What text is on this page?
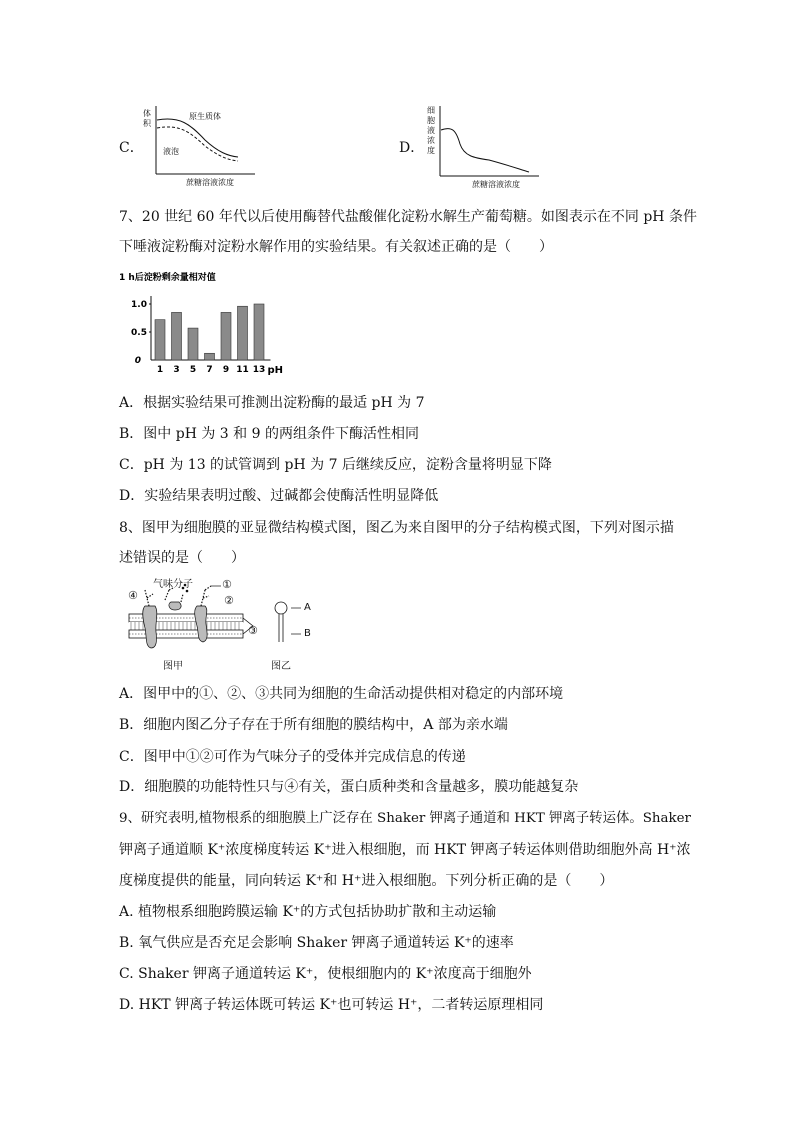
C．
体积
原生质体
液泡
蔗糖溶液浓度
D．
细胞液浓度
蔗糖溶液浓度
7、20 世纪 60 年代以后使用酶替代盐酸催化淀粉水解生产葡萄糖。如图表示在不同 pH 条件
下唾液淀粉酶对淀粉水解作用的实验结果。有关叙述正确的是（　　）
1 h后淀粉剩余量相对值
0
0.5
1.0
1 3 5 7 9 11 13 pH
A．根据实验结果可推测出淀粉酶的最适 pH 为 7
B．图中 pH 为 3 和 9 的两组条件下酶活性相同
C．pH 为 13 的试管调到 pH 为 7 后继续反应，淀粉含量将明显下降
D．实验结果表明过酸、过碱都会使酶活性明显降低
8、图甲为细胞膜的亚显微结构模式图，图乙为来自图甲的分子结构模式图，下列对图示描
述错误的是（　　）
气味分子	①
②
③
④
图甲
A
B
图乙
A．图甲中的①、②、③共同为细胞的生命活动提供相对稳定的内部环境
B．细胞内图乙分子存在于所有细胞的膜结构中，A 部为亲水端
C．图甲中①②可作为气味分子的受体并完成信息的传递
D．细胞膜的功能特性只与④有关，蛋白质种类和含量越多，膜功能越复杂
9、研究表明,植物根系的细胞膜上广泛存在 Shaker 钾离子通道和 HKT 钾离子转运体。Shaker
钾离子通道顺 K⁺浓度梯度转运 K⁺进入根细胞，而 HKT 钾离子转运体则借助细胞外高 H⁺浓
度梯度提供的能量，同向转运 K⁺和 H⁺进入根细胞。下列分析正确的是（　　）
A. 植物根系细胞跨膜运输 K⁺的方式包括协助扩散和主动运输
B. 氧气供应是否充足会影响 Shaker 钾离子通道转运 K⁺的速率
C. Shaker 钾离子通道转运 K⁺，使根细胞内的 K⁺浓度高于细胞外
D. HKT 钾离子转运体既可转运 K⁺也可转运 H⁺，二者转运原理相同
